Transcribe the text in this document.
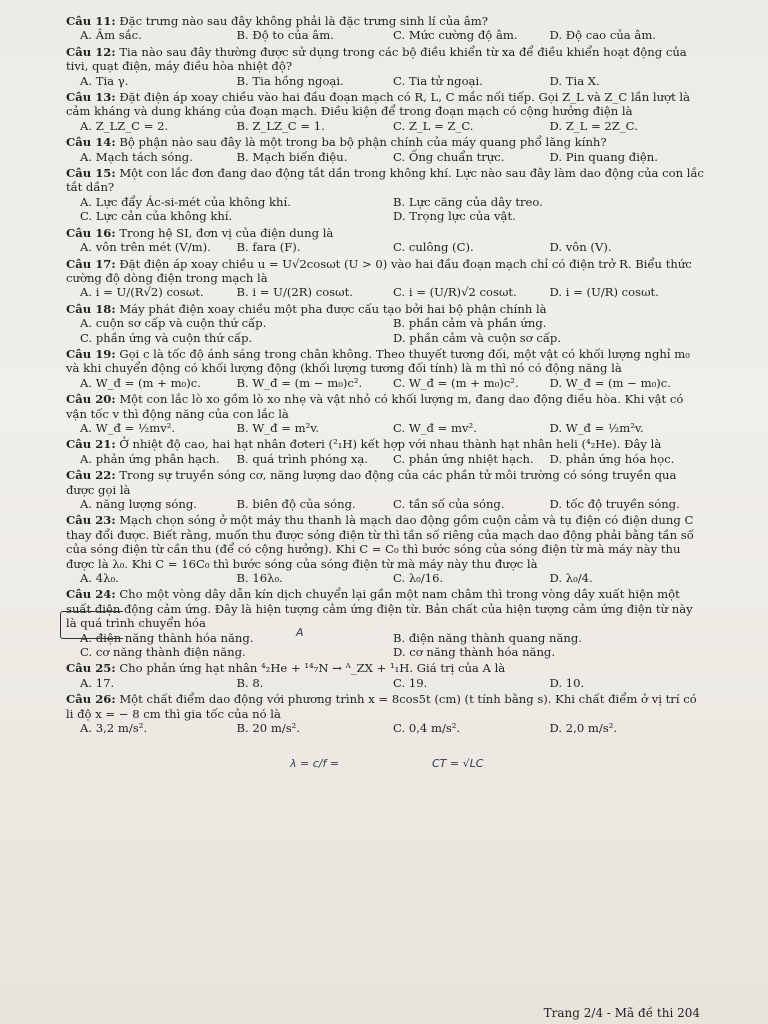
Câu 11: Đặc trưng nào sau đây không phải là đặc trưng sinh lí của âm?

A. Âm sắc.	B. Độ to của âm.	C. Mức cường độ âm.	D. Độ cao của âm.

Câu 12: Tia nào sau đây thường được sử dụng trong các bộ điều khiển từ xa để điều khiển hoạt động của tivi, quạt điện, máy điều hòa nhiệt độ?

A. Tia γ.	B. Tia hồng ngoại.	C. Tia tử ngoại.	D. Tia X.

Câu 13: Đặt điện áp xoay chiều vào hai đầu đoạn mạch có R, L, C mắc nối tiếp. Gọi Z_L và Z_C lần lượt là cảm kháng và dung kháng của đoạn mạch. Điều kiện để trong đoạn mạch có cộng hưởng điện là

A. Z_LZ_C = 2.	B. Z_LZ_C = 1.	C. Z_L = Z_C.	D. Z_L = 2Z_C.

Câu 14: Bộ phận nào sau đây là một trong ba bộ phận chính của máy quang phổ lăng kính?

A. Mạch tách sóng.	B. Mạch biến điệu.	C. Ống chuẩn trực.	D. Pin quang điện.

Câu 15: Một con lắc đơn đang dao động tắt dần trong không khí. Lực nào sau đây làm dao động của con lắc tắt dần?

A. Lực đẩy Ác-si-mét của không khí.	B. Lực căng của dây treo.
C. Lực cản của không khí.	D. Trọng lực của vật.

Câu 16: Trong hệ SI, đơn vị của điện dung là

A. vôn trên mét (V/m).	B. fara (F).	C. culông (C).	D. vôn (V).

Câu 17: Đặt điện áp xoay chiều u = U√2cosωt (U > 0) vào hai đầu đoạn mạch chỉ có điện trở R. Biểu thức cường độ dòng điện trong mạch là

A. i = U/(R√2) cosωt.	B. i = U/(2R) cosωt.	C. i = (U/R)√2 cosωt.	D. i = (U/R) cosωt.

Câu 18: Máy phát điện xoay chiều một pha được cấu tạo bởi hai bộ phận chính là

A. cuộn sơ cấp và cuộn thứ cấp.	B. phần cảm và phần ứng.
C. phần ứng và cuộn thứ cấp.	D. phần cảm và cuộn sơ cấp.

Câu 19: Gọi c là tốc độ ánh sáng trong chân không. Theo thuyết tương đối, một vật có khối lượng nghỉ m₀ và khi chuyển động có khối lượng động (khối lượng tương đối tính) là m thì nó có động năng là

A. W_đ = (m + m₀)c.	B. W_đ = (m − m₀)c².	C. W_đ = (m + m₀)c².	D. W_đ = (m − m₀)c.

Câu 20: Một con lắc lò xo gồm lò xo nhẹ và vật nhỏ có khối lượng m, đang dao động điều hòa. Khi vật có vận tốc v thì động năng của con lắc là

A. W_đ = ½mv².	B. W_đ = m²v.	C. W_đ = mv².	D. W_đ = ½m²v.

Câu 21: Ở nhiệt độ cao, hai hạt nhân đơteri (²₁H) kết hợp với nhau thành hạt nhân heli (⁴₂He). Đây là

A. phản ứng phân hạch.	B. quá trình phóng xạ.	C. phản ứng nhiệt hạch.	D. phản ứng hóa học.

Câu 22: Trong sự truyền sóng cơ, năng lượng dao động của các phần tử môi trường có sóng truyền qua được gọi là

A. năng lượng sóng.	B. biên độ của sóng.	C. tần số của sóng.	D. tốc độ truyền sóng.

Câu 23: Mạch chọn sóng ở một máy thu thanh là mạch dao động gồm cuộn cảm và tụ điện có điện dung C thay đổi được. Biết rằng, muốn thu được sóng điện từ thì tần số riêng của mạch dao động phải bằng tần số của sóng điện từ cần thu (để có cộng hưởng). Khi C = C₀ thì bước sóng của sóng điện từ mà máy này thu được là λ₀. Khi C = 16C₀ thì bước sóng của sóng điện từ mà máy này thu được là

A. 4λ₀.	B. 16λ₀.	C. λ₀/16.	D. λ₀/4.

Câu 24: Cho một vòng dây dẫn kín dịch chuyển lại gần một nam châm thì trong vòng dây xuất hiện một suất điện động cảm ứng. Đây là hiện tượng cảm ứng điện từ. Bản chất của hiện tượng cảm ứng điện từ này là quá trình chuyển hóa

A. điện năng thành hóa năng.	B. điện năng thành quang năng.
C. cơ năng thành điện năng.	D. cơ năng thành hóa năng.

Câu 25: Cho phản ứng hạt nhân ⁴₂He + ¹⁴₇N → ᴬ_ZX + ¹₁H. Giá trị của A là

A. 17.	B. 8.	C. 19.	D. 10.

Câu 26: Một chất điểm dao động với phương trình x = 8cos5t (cm) (t tính bằng s). Khi chất điểm ở vị trí có li độ x = − 8 cm thì gia tốc của nó là

A. 3,2 m/s².	B. 20 m/s².	C. 0,4 m/s².	D. 2,0 m/s².
A
λ = c/f =	CT = √LC
Trang 2/4 - Mã đề thi 204
